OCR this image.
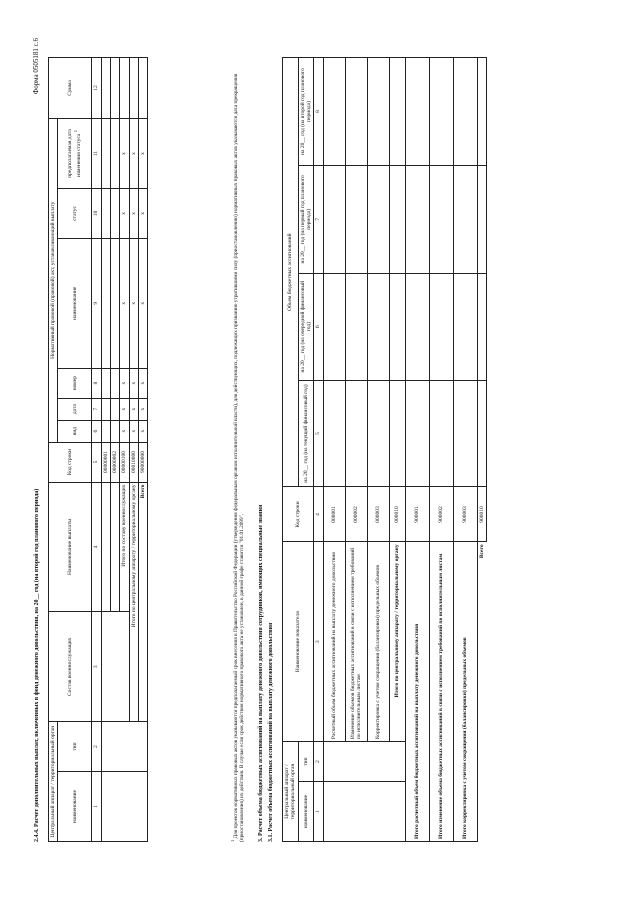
Форма 0505181 с.6
2.4.4. Расчет дополнительных выплат, включенных в фонд денежного довольствия, на 20__ год (на второй год планового периода) Центральный аппарат / территориальный орган		Состав военнослужащих	Наименование выплаты	Код строки	Нормативный правовой (правовой) акт, устанавливающий выплату						Сумма
наименование	тип				вид	дата	номер	наименование	статус	предполагаемая дата изменения статуса $^1$
1	2	3	4	5	6	7	8	9	10	11	12
				00000001							
				00000002							
			Итого по составу военнослужащих	00000100	x	x	x	x	x	x	
		Итого по центральному аппарату / территориальному органу		00010000	x	x	x	x	x	x	
		Всего		90000000	x	x	x	x	x	x	
$^1$ Для проектов нормативных правовых актов указываются предполагаемый срок внесения в Правительство Российской Федерации (утверждения федеральным органом исполнительной власти), для действующих, подлежащих признанию утратившими силу (приостановлению) нормативных правовых актов указываются дата прекращения (приостановления) их действия. В случае если срок действия нормативного правового акта не установлен, в данной графе ставится "01.01.2099". 3. Расчет объема бюджетных ассигнований на выплату денежного довольствия сотрудников, имеющих специальные звания 3.1. Расчет объема бюджетных ассигнований на выплату денежного довольствия Центральный аппарат / территориальный орган		Наименование показателя	Код строки	Объем бюджетных ассигнований			
наименование	тип			на 20__ год (на текущий финансовый год)	на 20__ год (на очередной финансовый год)	на 20__ год (на первый год планового периода)	на 20__ год (на второй год планового периода)

1	2	3	4	5	6	7	8
		Расчетный объем бюджетных ассигнований на выплату денежного довольствия	000001				
		Изменение объемов бюджетных ассигнований в связи с исполнением требований по исполнительным листам	000002				
		Корректировка с учетом сокращения (балансировки) предельных объемов	000003				
		Итого по центральному аппарату / территориальному органу	000010				
Итого расчетный объем бюджетных ассигнований на выплату денежного довольствия			900001				
Итого изменение объема бюджетных ассигнований в связи с исполнением требований по исполнительным листам			900002				
Итого корректировка с учетом сокращения (балансировки) предельных объемов			900003				
Всего			900010				
